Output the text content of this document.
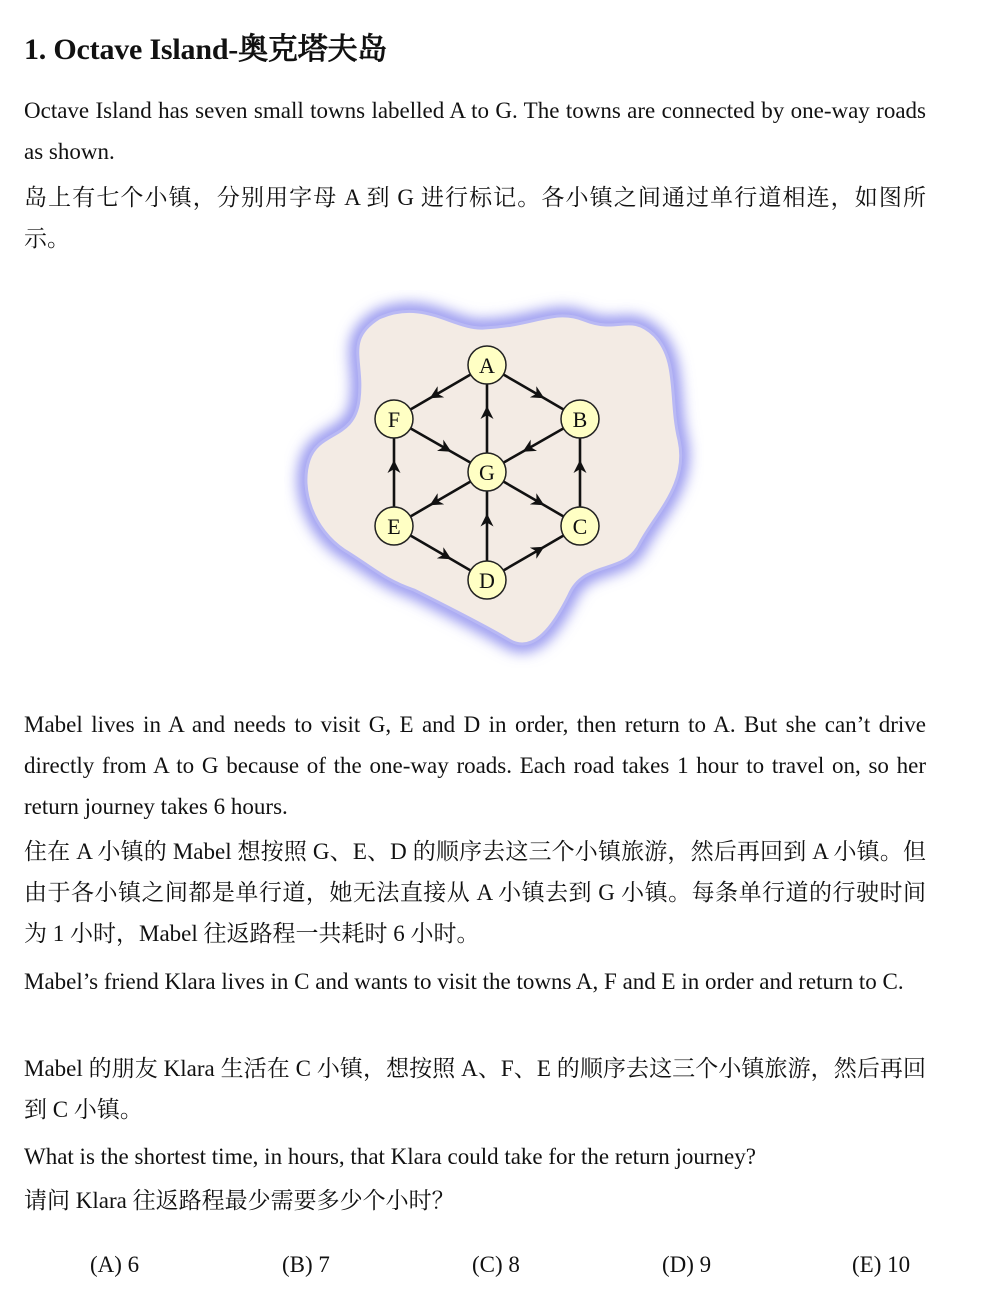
1. Octave Island-奥克塔夫岛

Octave Island has seven small towns labelled A to G. The towns are connected by one-way roads as shown.

岛上有七个小镇，分别用字母 A 到 G 进行标记。各小镇之间通过单行道相连，如图所示。

A
B
C
D
E
F
G

Mabel lives in A and needs to visit G, E and D in order, then return to A. But she can’t drive directly from A to G because of the one-way roads. Each road takes 1 hour to travel on, so her return journey takes 6 hours.

住在 A 小镇的 Mabel 想按照 G、E、D 的顺序去这三个小镇旅游，然后再回到 A 小镇。但由于各小镇之间都是单行道，她无法直接从 A 小镇去到 G 小镇。每条单行道的行驶时间为 1 小时，Mabel 往返路程一共耗时 6 小时。

Mabel’s friend Klara lives in C and wants to visit the towns A, F and E in order and return to C.

Mabel 的朋友 Klara 生活在 C 小镇，想按照 A、F、E 的顺序去这三个小镇旅游，然后再回到 C 小镇。

What is the shortest time, in hours, that Klara could take for the return journey?

请问 Klara 往返路程最少需要多少个小时？

(A) 6	(B) 7	(C) 8	(D) 9	(E) 10
